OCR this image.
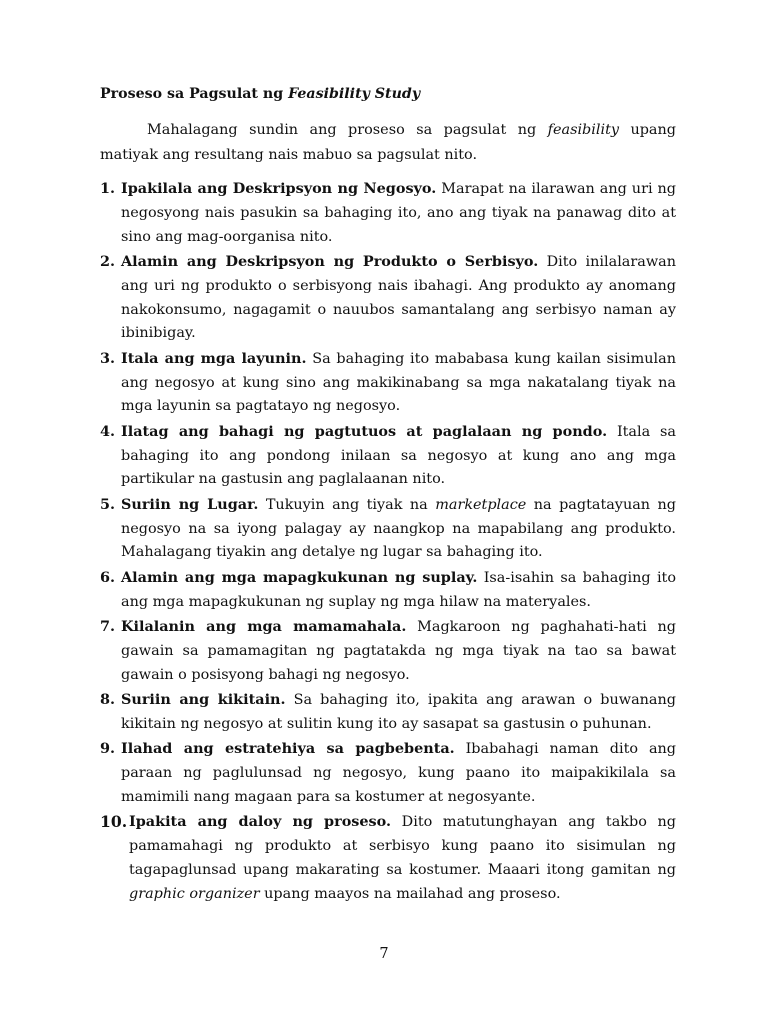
Proseso sa Pagsulat ng Feasibility Study

Mahalagang sundin ang proseso sa pagsulat ng feasibility upang matiyak ang resultang nais mabuo sa pagsulat nito.

1. Ipakilala ang Deskripsyon ng Negosyo. Marapat na ilarawan ang uri ng negosyong nais pasukin sa bahaging ito, ano ang tiyak na panawag dito at sino ang mag-oorganisa nito.
2. Alamin ang Deskripsyon ng Produkto o Serbisyo. Dito inilalarawan ang uri ng produkto o serbisyong nais ibahagi. Ang produkto ay anomang nakokonsumo, nagagamit o nauubos samantalang ang serbisyo naman ay ibinibigay.
3. Itala ang mga layunin. Sa bahaging ito mababasa kung kailan sisimulan ang negosyo at kung sino ang makikinabang sa mga nakatalang tiyak na mga layunin sa pagtatayo ng negosyo.
4. Ilatag ang bahagi ng pagtutuos at paglalaan ng pondo. Itala sa bahaging ito ang pondong inilaan sa negosyo at kung ano ang mga partikular na gastusin ang paglalaanan nito.
5. Suriin ng Lugar. Tukuyin ang tiyak na marketplace na pagtatayuan ng negosyo na sa iyong palagay ay naangkop na mapabilang ang produkto. Mahalagang tiyakin ang detalye ng lugar sa bahaging ito.
6. Alamin ang mga mapagkukunan ng suplay. Isa-isahin sa bahaging ito ang mga mapagkukunan ng suplay ng mga hilaw na materyales.
7. Kilalanin ang mga mamamahala. Magkaroon ng paghahati-hati ng gawain sa pamamagitan ng pagtatakda ng mga tiyak na tao sa bawat gawain o posisyong bahagi ng negosyo.
8. Suriin ang kikitain. Sa bahaging ito, ipakita ang arawan o buwanang kikitain ng negosyo at sulitin kung ito ay sasapat sa gastusin o puhunan.
9. Ilahad ang estratehiya sa pagbebenta. Ibabahagi naman dito ang paraan ng paglulunsad ng negosyo, kung paano ito maipakikilala sa mamimili nang magaan para sa kostumer at negosyante.
10. Ipakita ang daloy ng proseso. Dito matutunghayan ang takbo ng pamamahagi ng produkto at serbisyo kung paano ito sisimulan ng tagapaglunsad upang makarating sa kostumer. Maaari itong gamitan ng graphic organizer upang maayos na mailahad ang proseso.
7
